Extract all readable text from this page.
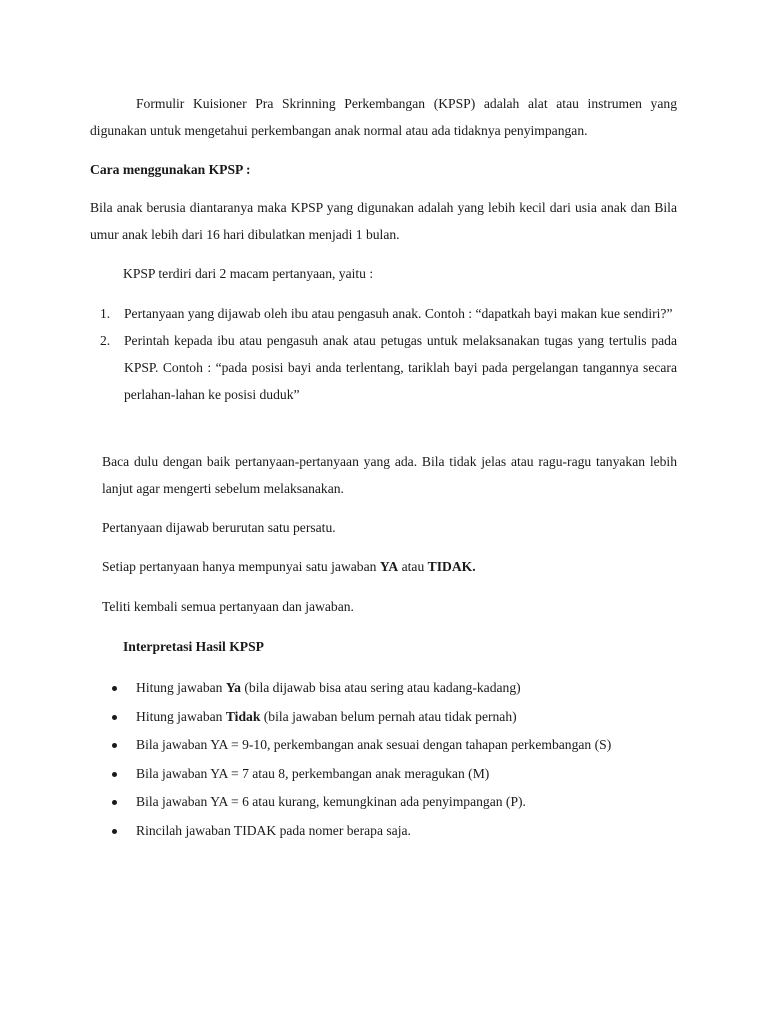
Formulir Kuisioner Pra Skrinning Perkembangan (KPSP) adalah alat atau instrumen yang digunakan untuk mengetahui perkembangan anak normal atau ada tidaknya penyimpangan.

Cara menggunakan KPSP :

Bila anak berusia diantaranya maka KPSP yang digunakan adalah yang lebih kecil dari usia anak dan Bila umur anak lebih dari 16 hari dibulatkan menjadi 1 bulan.

KPSP terdiri dari 2 macam pertanyaan, yaitu :

1. Pertanyaan yang dijawab oleh ibu atau pengasuh anak. Contoh : “dapatkah bayi makan kue sendiri?”
2. Perintah kepada ibu atau pengasuh anak atau petugas untuk melaksanakan tugas yang tertulis pada KPSP. Contoh : “pada posisi bayi anda terlentang, tariklah bayi pada pergelangan tangannya secara perlahan-lahan ke posisi duduk”

Baca dulu dengan baik pertanyaan-pertanyaan yang ada. Bila tidak jelas atau ragu-ragu tanyakan lebih lanjut agar mengerti sebelum melaksanakan.

Pertanyaan dijawab berurutan satu persatu.

Setiap pertanyaan hanya mempunyai satu jawaban YA atau TIDAK.

Teliti kembali semua pertanyaan dan jawaban.

Interpretasi Hasil KPSP

Hitung jawaban Ya (bila dijawab bisa atau sering atau kadang-kadang)
Hitung jawaban Tidak (bila jawaban belum pernah atau tidak pernah)
Bila jawaban YA = 9-10, perkembangan anak sesuai dengan tahapan perkembangan (S)
Bila jawaban YA = 7 atau 8, perkembangan anak meragukan (M)
Bila jawaban YA = 6 atau kurang, kemungkinan ada penyimpangan (P).
Rincilah jawaban TIDAK pada nomer berapa saja.
